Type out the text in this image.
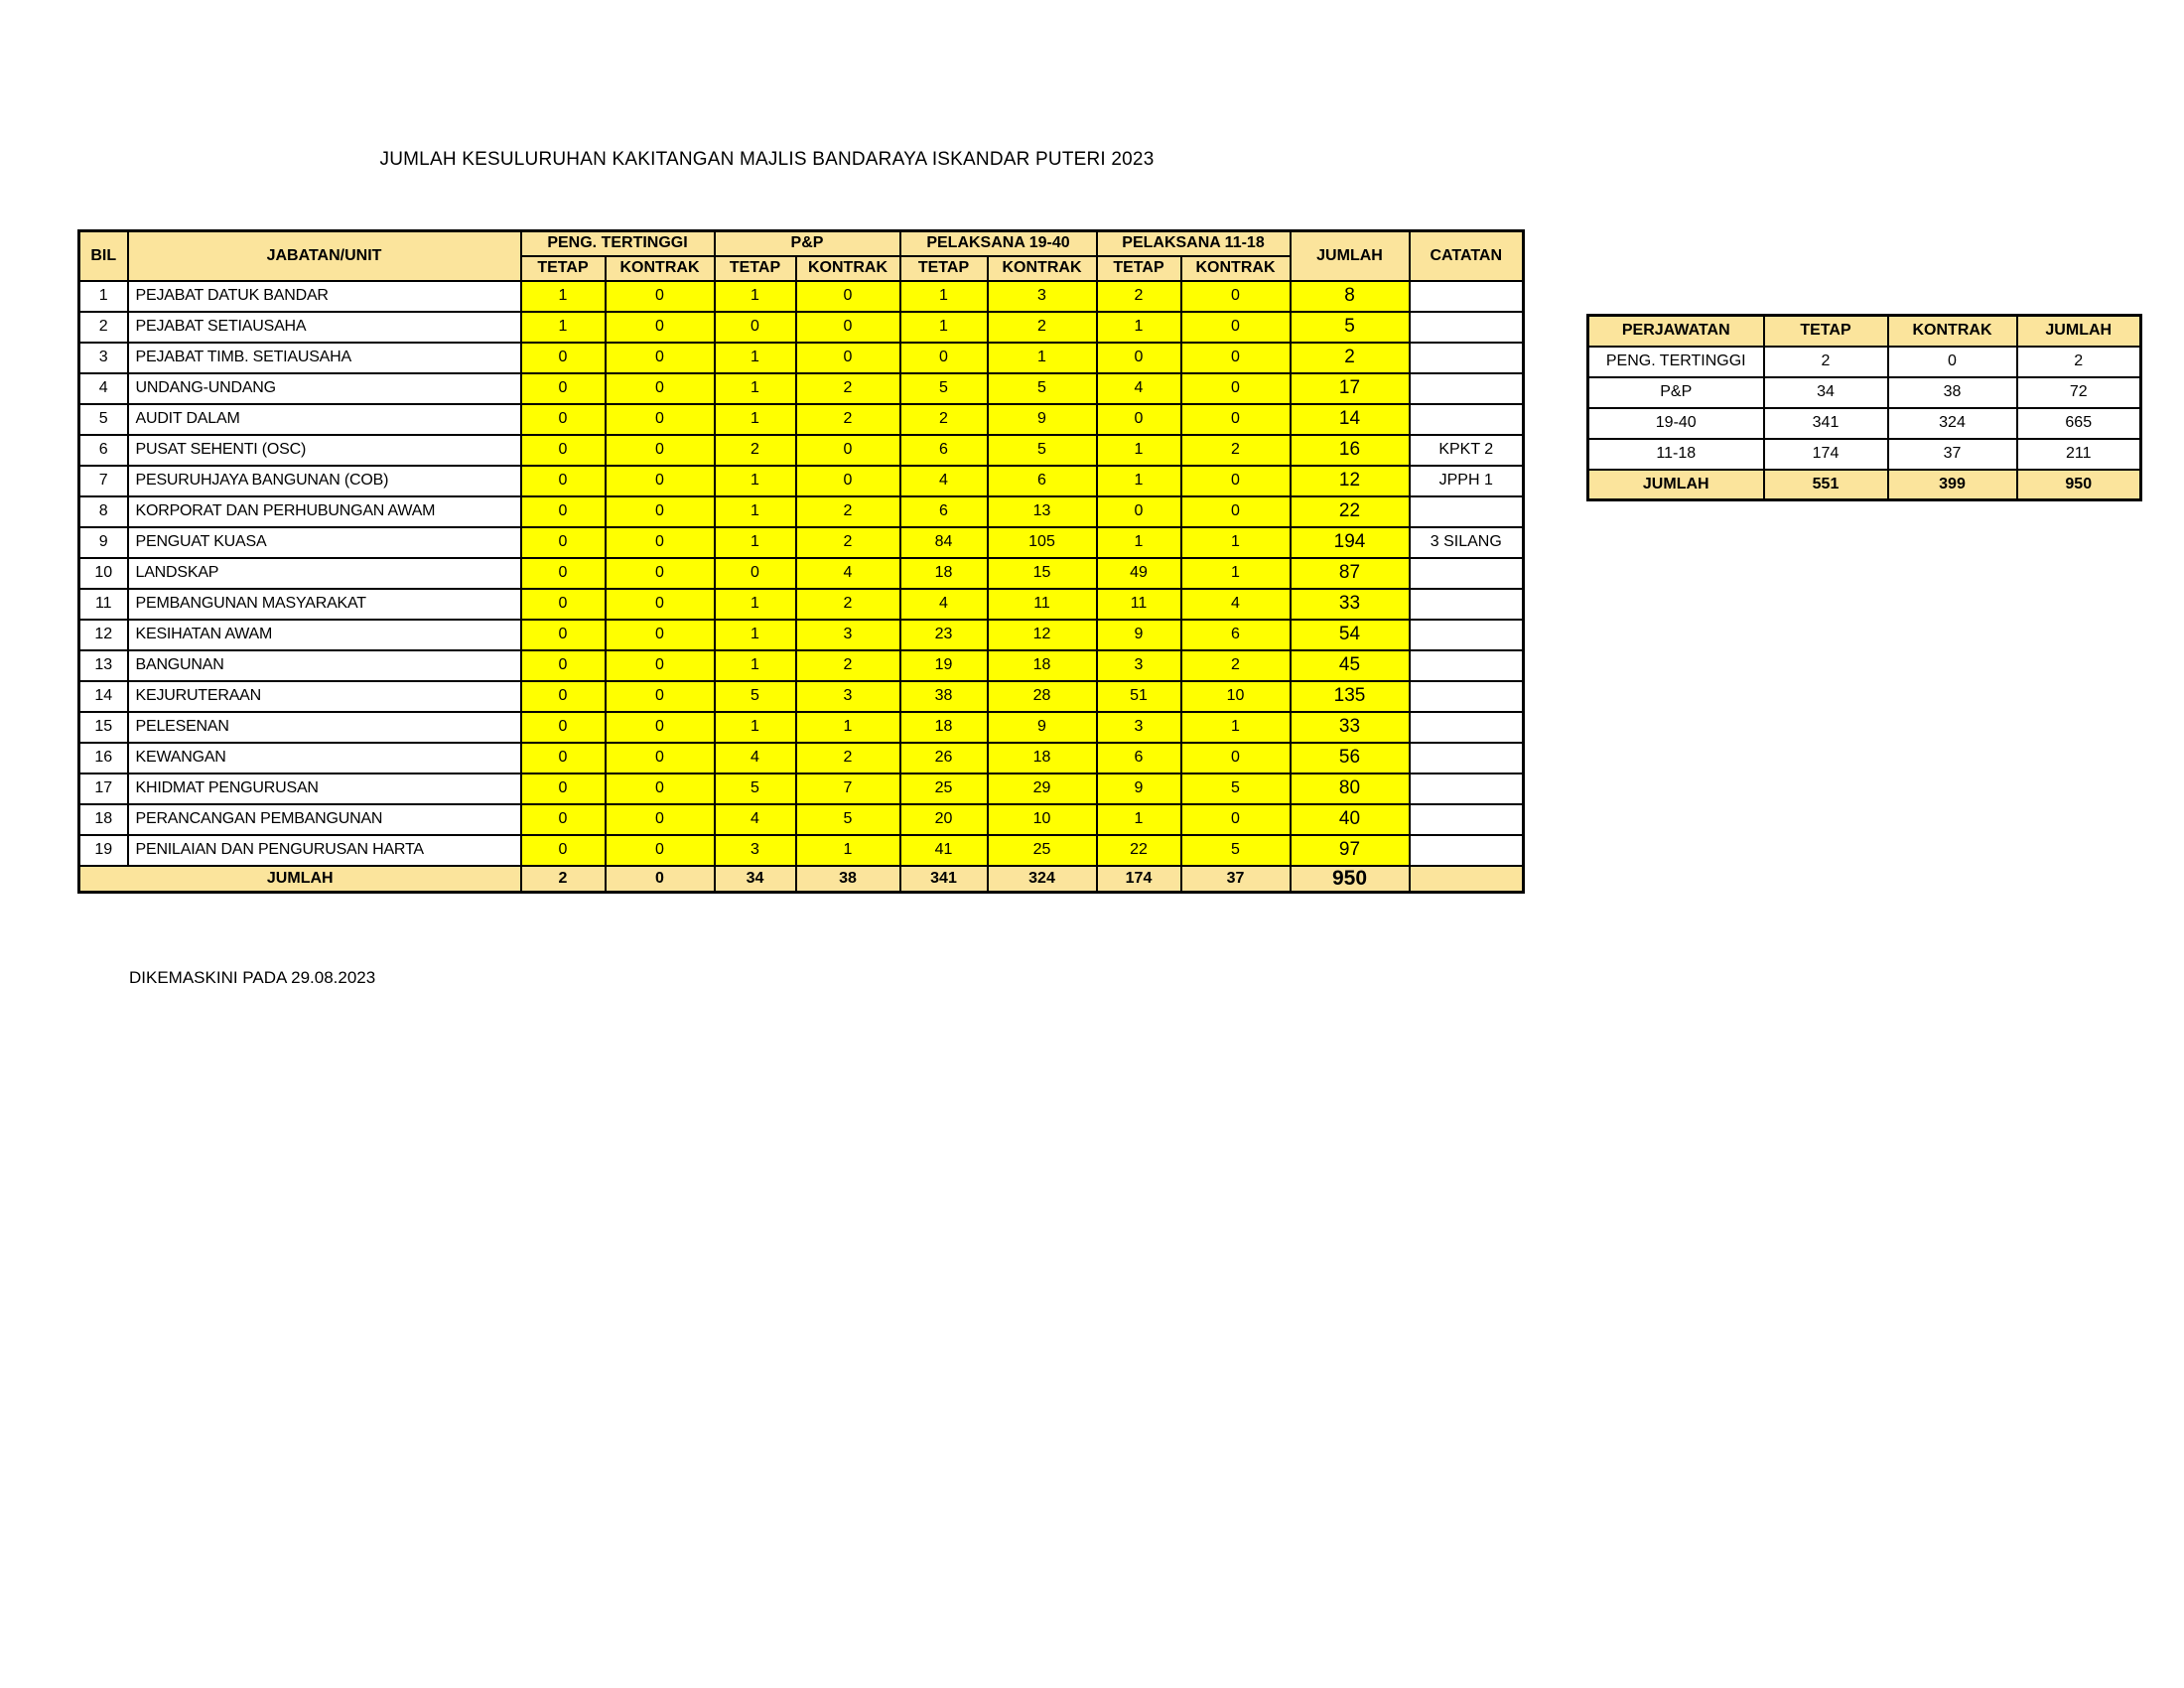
JUMLAH KESULURUHAN KAKITANGAN MAJLIS BANDARAYA ISKANDAR PUTERI 2023
BIL	JABATAN/UNIT	PENG. TERTINGGI		P&P		PELAKSANA 19-40		PELAKSANA 11-18		JUMLAH	CATATAN
		TETAP	KONTRAK	TETAP	KONTRAK	TETAP	KONTRAK	TETAP	KONTRAK		
1	PEJABAT DATUK BANDAR	1	0	1	0	1	3	2	0	8	
2	PEJABAT SETIAUSAHA	1	0	0	0	1	2	1	0	5	
3	PEJABAT TIMB. SETIAUSAHA	0	0	1	0	0	1	0	0	2	
4	UNDANG-UNDANG	0	0	1	2	5	5	4	0	17	
5	AUDIT DALAM	0	0	1	2	2	9	0	0	14	
6	PUSAT SEHENTI (OSC)	0	0	2	0	6	5	1	2	16	KPKT 2
7	PESURUHJAYA BANGUNAN (COB)	0	0	1	0	4	6	1	0	12	JPPH 1
8	KORPORAT DAN PERHUBUNGAN AWAM	0	0	1	2	6	13	0	0	22	
9	PENGUAT KUASA	0	0	1	2	84	105	1	1	194	3 SILANG
10	LANDSKAP	0	0	0	4	18	15	49	1	87	
11	PEMBANGUNAN MASYARAKAT	0	0	1	2	4	11	11	4	33	
12	KESIHATAN AWAM	0	0	1	3	23	12	9	6	54	
13	BANGUNAN	0	0	1	2	19	18	3	2	45	
14	KEJURUTERAAN	0	0	5	3	38	28	51	10	135	
15	PELESENAN	0	0	1	1	18	9	3	1	33	
16	KEWANGAN	0	0	4	2	26	18	6	0	56	
17	KHIDMAT PENGURUSAN	0	0	5	7	25	29	9	5	80	
18	PERANCANGAN PEMBANGUNAN	0	0	4	5	20	10	1	0	40	
19	PENILAIAN DAN PENGURUSAN HARTA	0	0	3	1	41	25	22	5	97	
JUMLAH		2	0	34	38	341	324	174	37	950	
PERJAWATAN	TETAP	KONTRAK	JUMLAH
PENG. TERTINGGI	2	0	2
P&P	34	38	72
19-40	341	324	665
11-18	174	37	211
JUMLAH	551	399	950
DIKEMASKINI PADA 29.08.2023
